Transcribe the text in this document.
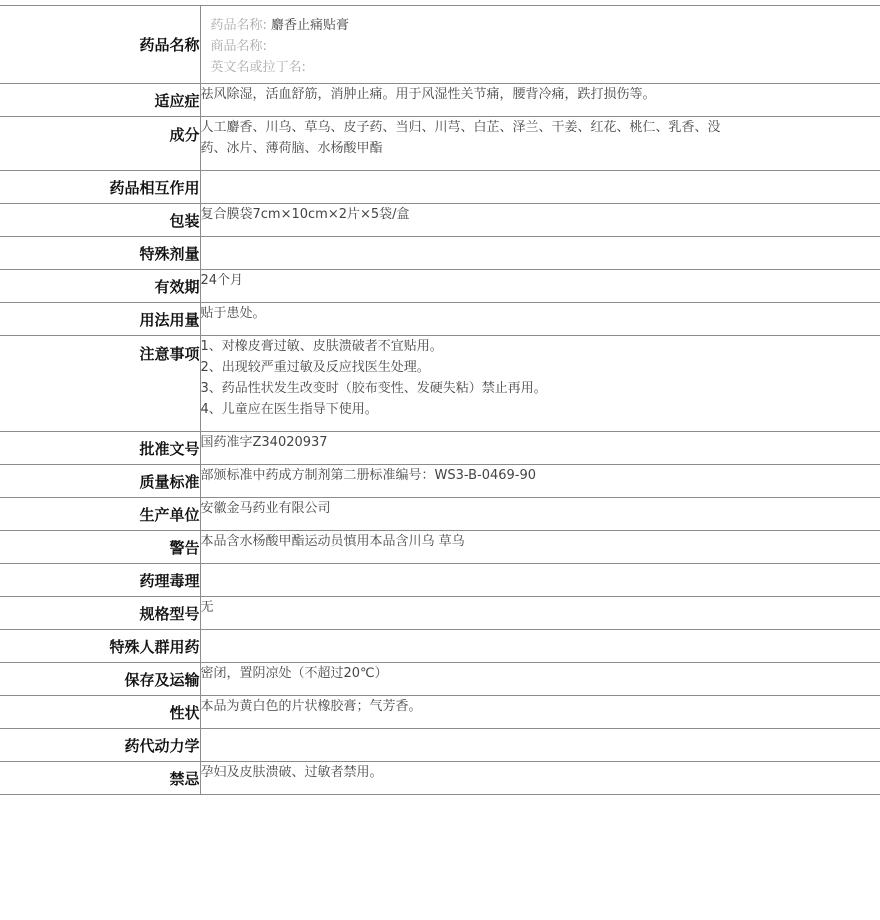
药品名称	药品名称: 麝香止痛贴膏
商品名称:
英文名或拉丁名:

适应症	祛风除湿，活血舒筋，消肿止痛。用于风湿性关节痛，腰背冷痛，跌打损伤等。

成分	人工麝香、川乌、草乌、皮子药、当归、川芎、白芷、泽兰、干姜、红花、桃仁、乳香、没
药、冰片、薄荷脑、水杨酸甲酯

药品相互作用	
包装	复合膜袋7cm×10cm×2片×5袋/盒

特殊剂量	
有效期	24个月

用法用量	贴于患处。

注意事项	1、对橡皮膏过敏、皮肤溃破者不宜贴用。
2、出现较严重过敏及反应找医生处理。
3、药品性状发生改变时（胶布变性、发硬失粘）禁止再用。
4、儿童应在医生指导下使用。

批准文号	国药准字Z34020937

质量标准	部颁标准中药成方制剂第二册标准编号：WS3-B-0469-90

生产单位	安徽金马药业有限公司

警告	本品含水杨酸甲酯运动员慎用本品含川乌 草乌

药理毒理	
规格型号	无

特殊人群用药	
保存及运输	密闭，置阴凉处（不超过20℃）

性状	本品为黄白色的片状橡胶膏；气芳香。

药代动力学	
禁忌	孕妇及皮肤溃破、过敏者禁用。
